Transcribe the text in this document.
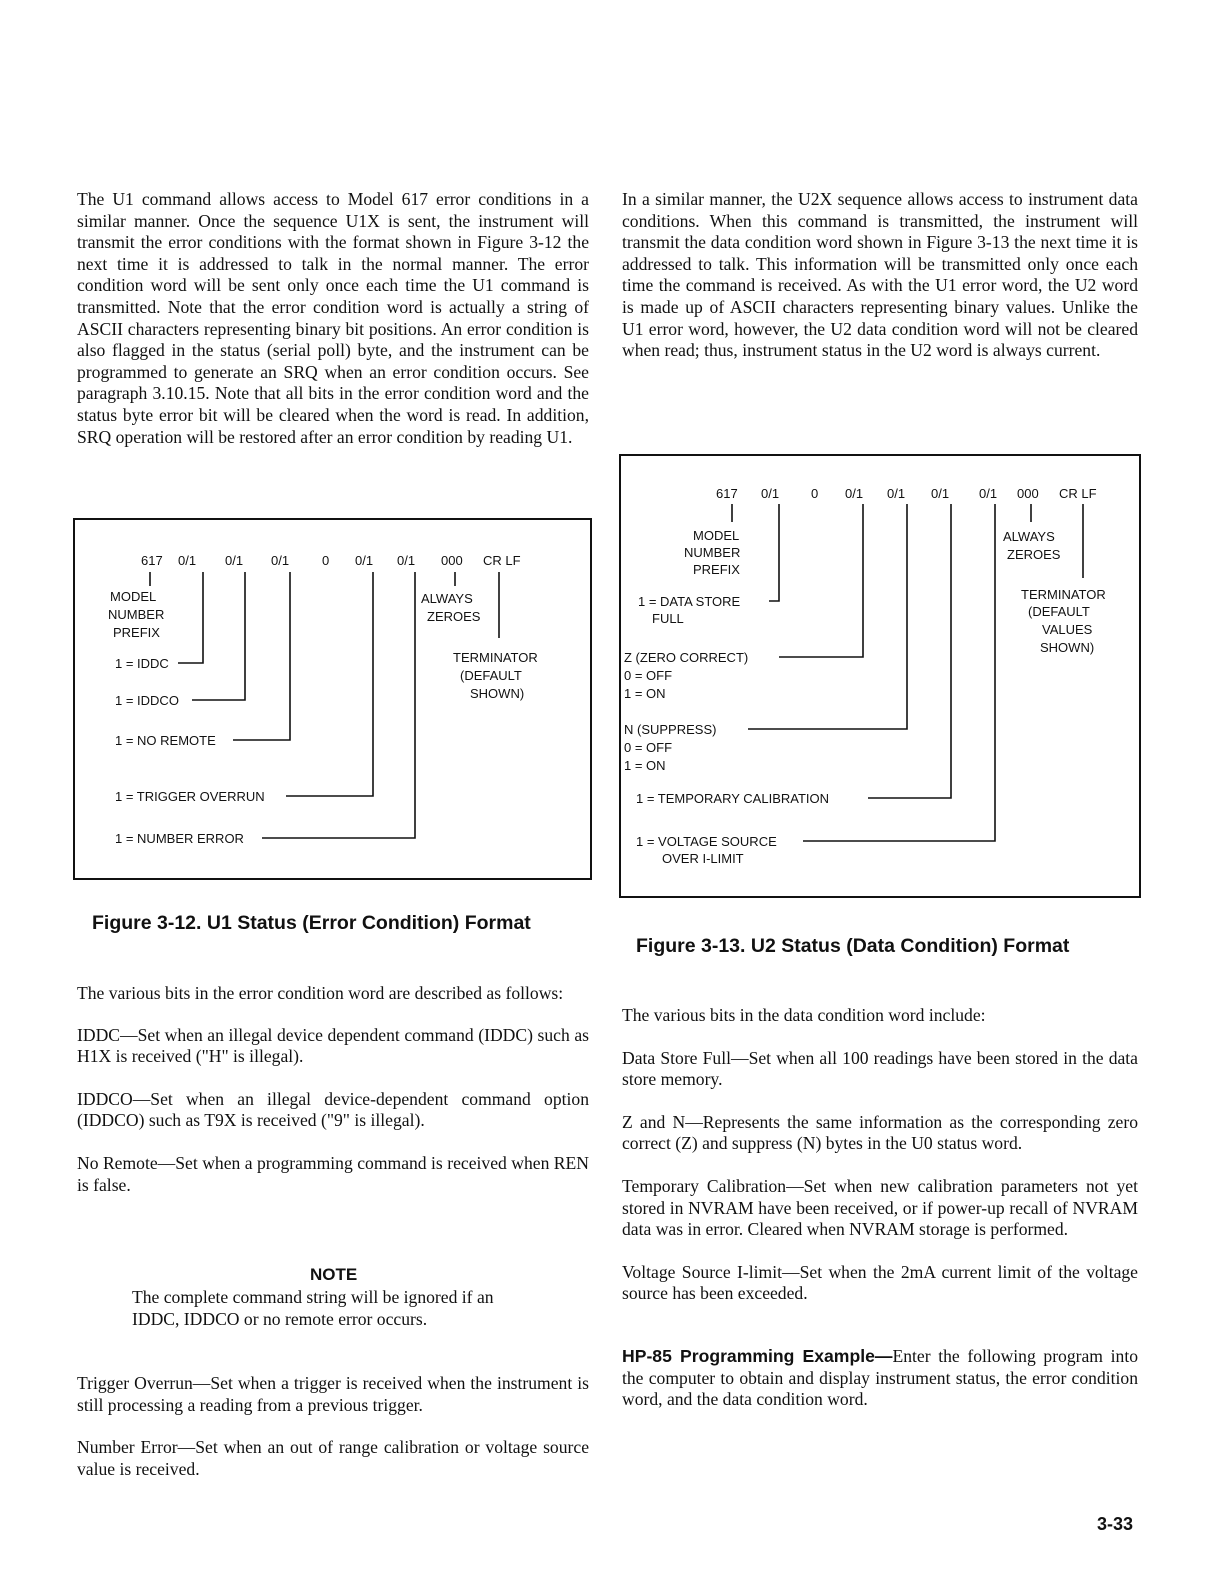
The U1 command allows access to Model 617 error conditions in a similar manner. Once the sequence U1X is sent, the instrument will transmit the error conditions with the format shown in Figure 3-12 the next time it is addressed to talk in the normal manner. The error condition word will be sent only once each time the U1 command is transmitted. Note that the error condition word is actually a string of ASCII characters representing binary bit positions. An error condition is also flagged in the status (serial poll) byte, and the instrument can be programmed to generate an SRQ when an error condition occurs. See paragraph 3.10.15. Note that all bits in the error condition word and the status byte error bit will be cleared when the word is read. In addition, SRQ operation will be restored after an error condition by reading U1.

617 0/1 0/1 0/1	0 0/1 0/1 000 CR LF
MODEL
NUMBER
PREFIX
ALWAYS
ZEROES
TERMINATOR
(DEFAULT
SHOWN)
1 = IDDC
1 = IDDCO
1 = NO REMOTE
1 = TRIGGER OVERRUN
1 = NUMBER ERROR
Figure 3-12. U1 Status (Error Condition) Format

The various bits in the error condition word are described as follows:

IDDC—Set when an illegal device dependent command (IDDC) such as H1X is received ("H" is illegal).

IDDCO—Set when an illegal device-dependent command option (IDDCO) such as T9X is received ("9" is illegal).

No Remote—Set when a programming command is received when REN is false.

NOTE
The complete command string will be ignored if an IDDC, IDDCO or no remote error occurs.

Trigger Overrun—Set when a trigger is received when the instrument is still processing a reading from a previous trigger.

Number Error—Set when an out of range calibration or voltage source value is received.

In a similar manner, the U2X sequence allows access to instrument data conditions. When this command is transmitted, the instrument will transmit the data condition word shown in Figure 3-13 the next time it is addressed to talk. This information will be transmitted only once each time the command is received. As with the U1 error word, the U2 word is made up of ASCII characters representing binary values. Unlike the U1 error word, however, the U2 data condition word will not be cleared when read; thus, instrument status in the U2 word is always current.

617 0/1 0 0/1 0/1 0/1 0/1 000 CR LF
MODEL
NUMBER
PREFIX
ALWAYS
ZEROES
TERMINATOR
(DEFAULT
VALUES
SHOWN)
1 = DATA STORE
FULL
Z (ZERO CORRECT)
0 = OFF
1 = ON
N (SUPPRESS)
0 = OFF
1 = ON
1 = TEMPORARY CALIBRATION
1 = VOLTAGE SOURCE
OVER I-LIMIT
Figure 3-13. U2 Status (Data Condition) Format

The various bits in the data condition word include:

Data Store Full—Set when all 100 readings have been stored in the data store memory.

Z and N—Represents the same information as the corresponding zero correct (Z) and suppress (N) bytes in the U0 status word.

Temporary Calibration—Set when new calibration parameters not yet stored in NVRAM have been received, or if power-up recall of NVRAM data was in error. Cleared when NVRAM storage is performed.

Voltage Source I-limit—Set when the 2mA current limit of the voltage source has been exceeded.

HP-85 Programming Example—Enter the following program into the computer to obtain and display instrument status, the error condition word, and the data condition word.

3-33
